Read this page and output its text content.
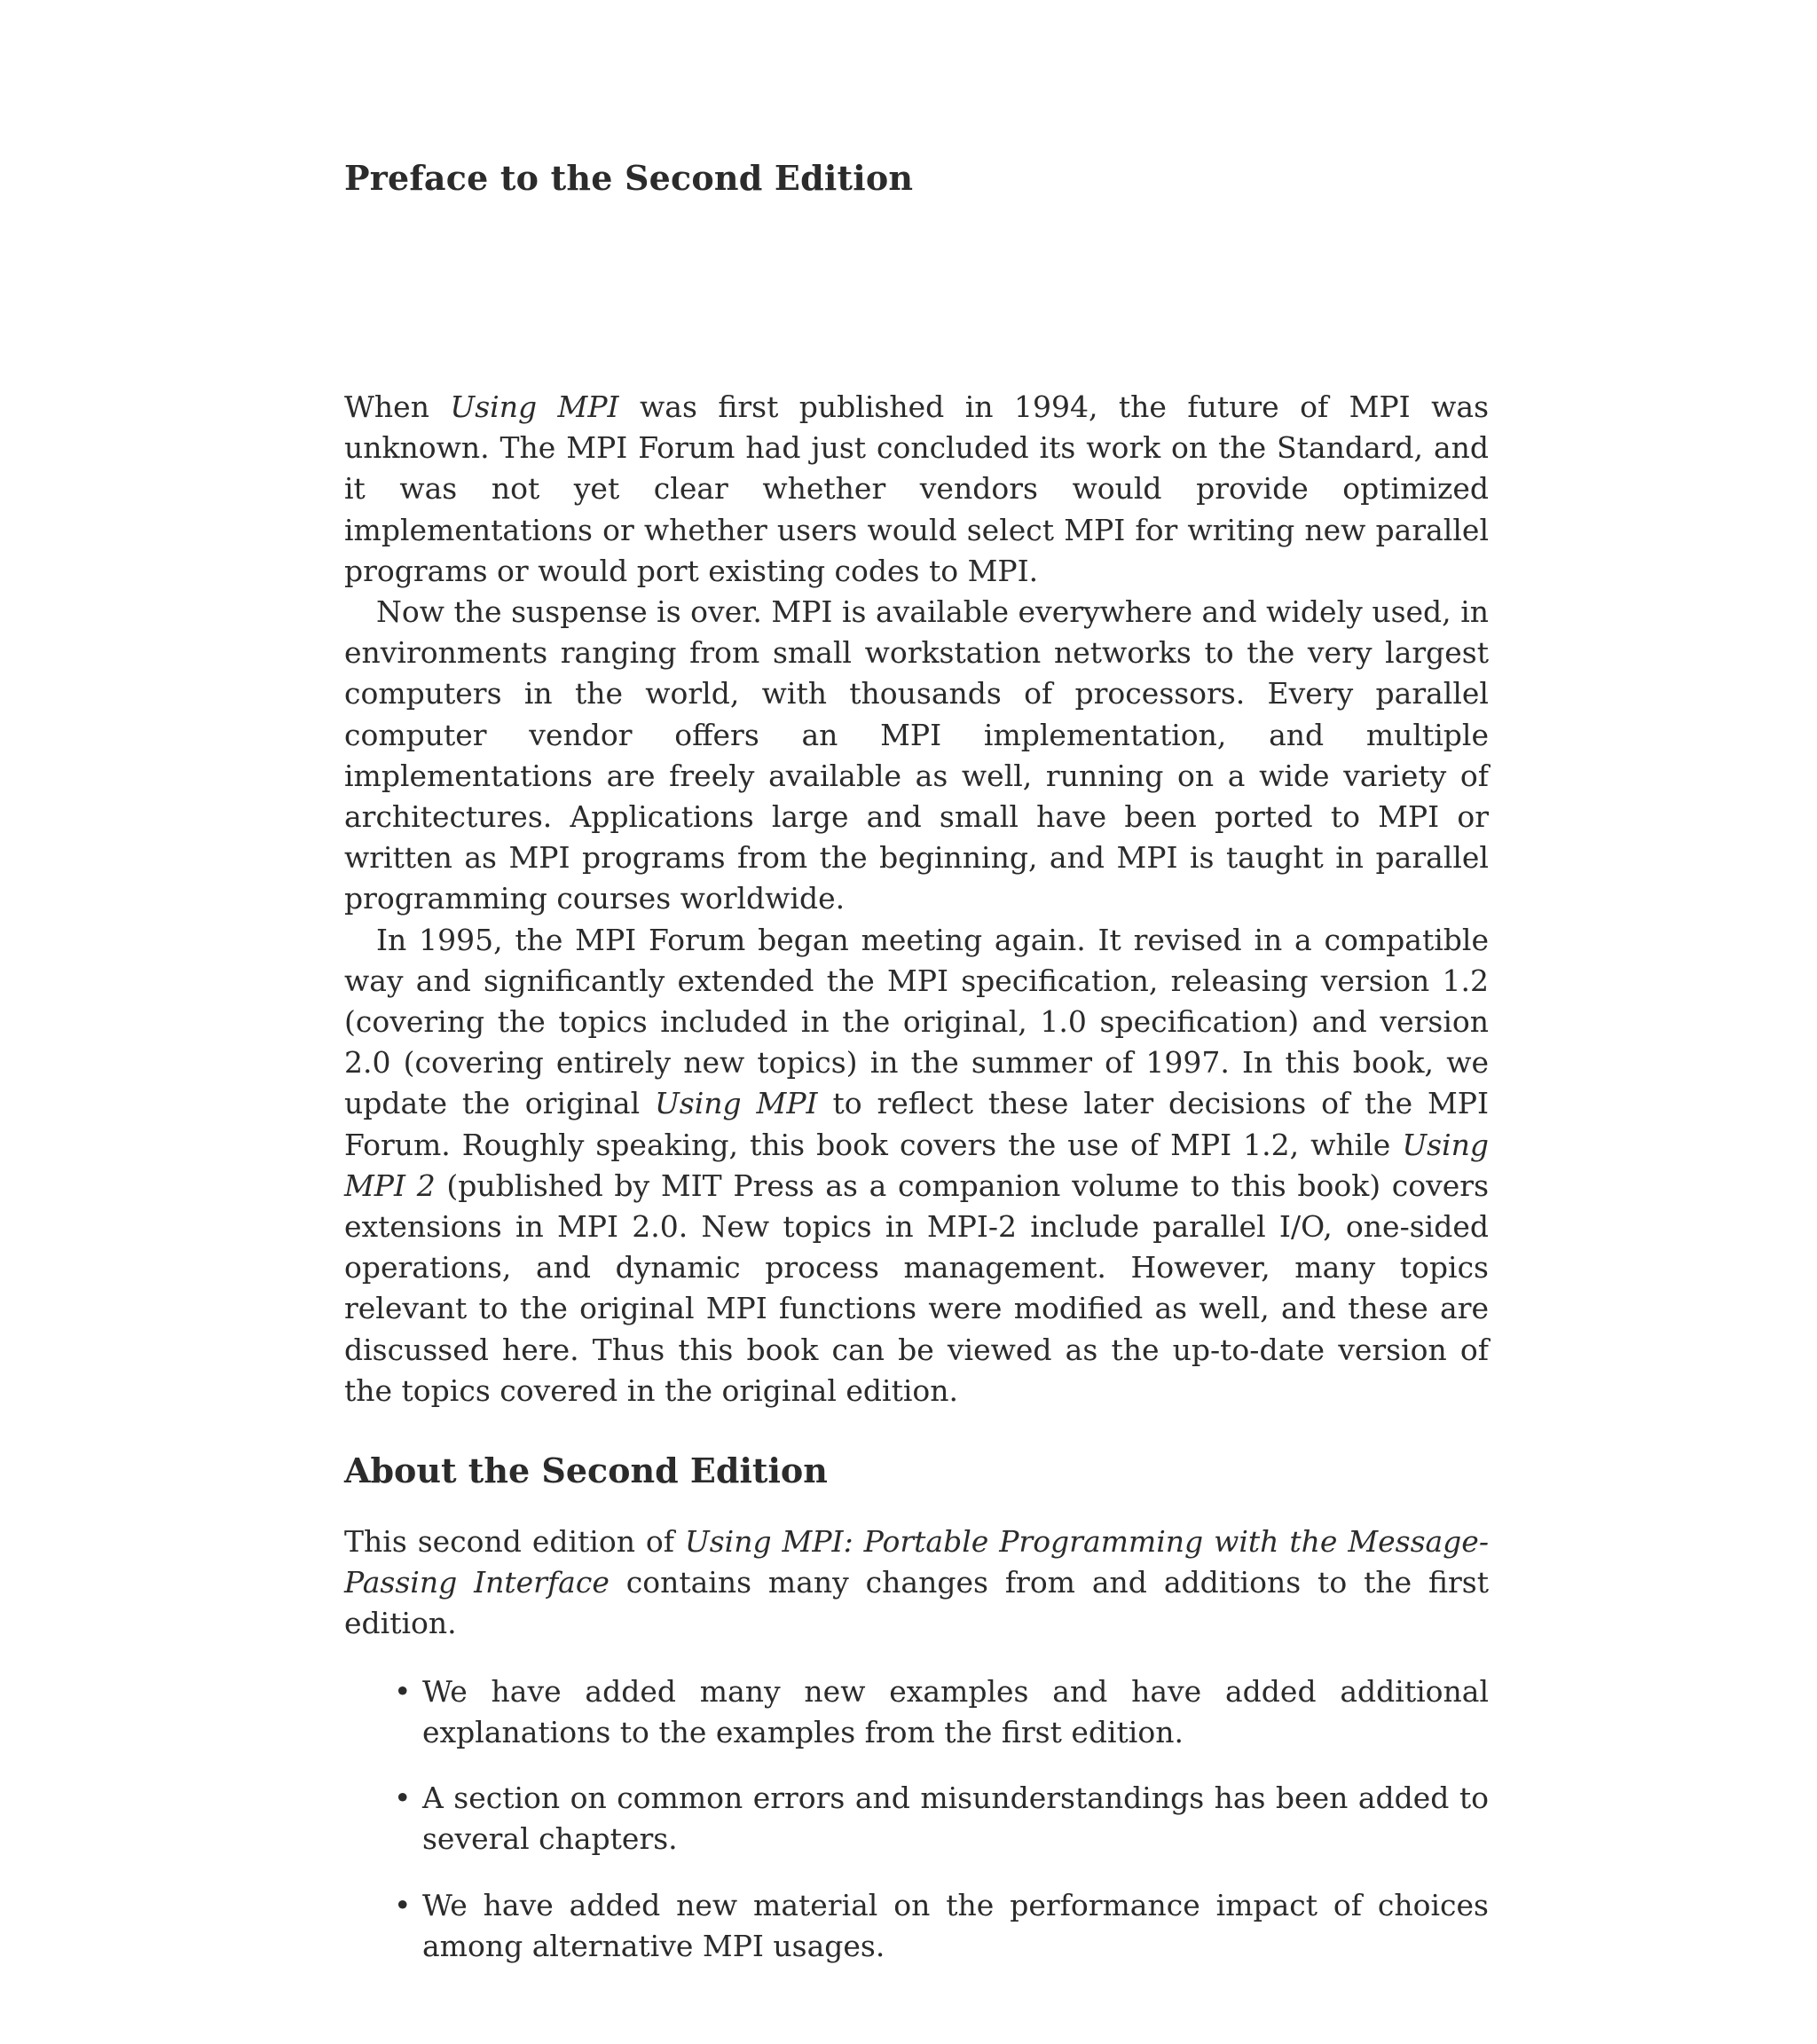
Preface to the Second Edition

When Using MPI was first published in 1994, the future of MPI was unknown. The MPI Forum had just concluded its work on the Standard, and it was not yet clear whether vendors would provide optimized implementations or whether users would select MPI for writing new parallel programs or would port existing codes to MPI.

Now the suspense is over. MPI is available everywhere and widely used, in environments ranging from small workstation networks to the very largest computers in the world, with thousands of processors. Every parallel computer vendor offers an MPI implementation, and multiple implementations are freely available as well, running on a wide variety of architectures. Applications large and small have been ported to MPI or written as MPI programs from the beginning, and MPI is taught in parallel programming courses worldwide.

In 1995, the MPI Forum began meeting again. It revised in a compatible way and significantly extended the MPI specification, releasing version 1.2 (covering the topics included in the original, 1.0 specification) and version 2.0 (covering entirely new topics) in the summer of 1997. In this book, we update the original Using MPI to reflect these later decisions of the MPI Forum. Roughly speaking, this book covers the use of MPI 1.2, while Using MPI 2 (published by MIT Press as a companion volume to this book) covers extensions in MPI 2.0. New topics in MPI-2 include parallel I/O, one-sided operations, and dynamic process management. However, many topics relevant to the original MPI functions were modified as well, and these are discussed here. Thus this book can be viewed as the up-to-date version of the topics covered in the original edition.

About the Second Edition

This second edition of Using MPI: Portable Programming with the Message-Passing Interface contains many changes from and additions to the first edition.

• We have added many new examples and have added additional explanations to the examples from the first edition.
• A section on common errors and misunderstandings has been added to several chapters.
• We have added new material on the performance impact of choices among alternative MPI usages.
